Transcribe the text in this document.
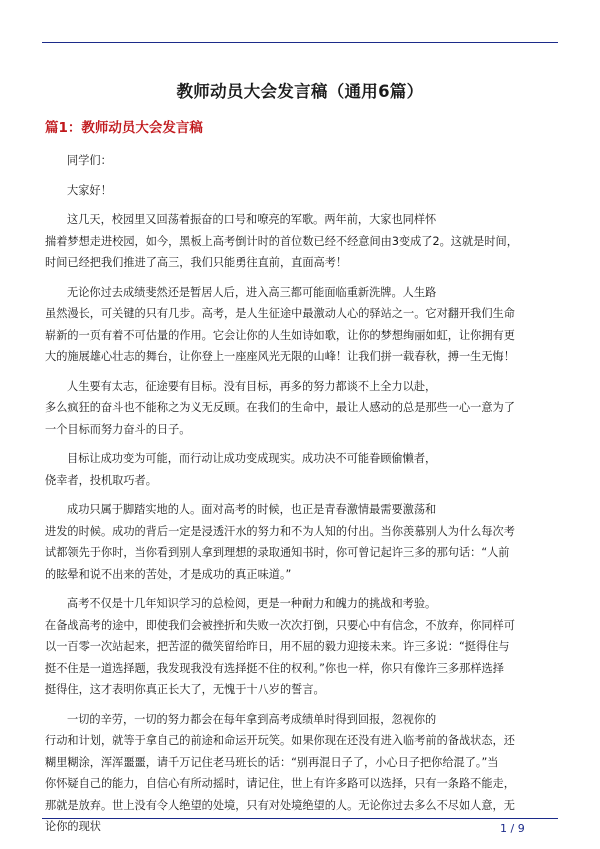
教师动员大会发言稿（通用6篇）
篇1：教师动员大会发言稿
同学们：
大家好！
这几天，校园里又回荡着振奋的口号和嘹亮的军歌。两年前，大家也同样怀
揣着梦想走进校园，如今，黑板上高考倒计时的首位数已经不经意间由3变成了2。这就是时间，
时间已经把我们推进了高三，我们只能勇往直前，直面高考！
无论你过去成绩斐然还是暂居人后，进入高三都可能面临重新洗牌。人生路
虽然漫长，可关键的只有几步。高考，是人生征途中最激动人心的驿站之一。它对翻开我们生命
崭新的一页有着不可估量的作用。它会让你的人生如诗如歌，让你的梦想绚丽如虹，让你拥有更
大的施展雄心壮志的舞台，让你登上一座座风光无限的山峰！让我们拼一载春秋，搏一生无悔！
人生要有太志，征途要有目标。没有目标，再多的努力都谈不上全力以赴，
多么疯狂的奋斗也不能称之为义无反顾。在我们的生命中，最让人感动的总是那些一心一意为了
一个目标而努力奋斗的日子。
目标让成功变为可能，而行动让成功变成现实。成功决不可能眷顾偷懒者，
侥幸者，投机取巧者。
成功只属于脚踏实地的人。面对高考的时候，也正是青春激情最需要激荡和
进发的时候。成功的背后一定是浸透汗水的努力和不为人知的付出。当你羡慕别人为什么每次考
试都领先于你时，当你看到别人拿到理想的录取通知书时，你可曾记起许三多的那句话：“人前
的眩晕和说不出来的苦处，才是成功的真正味道。”
高考不仅是十几年知识学习的总检阅，更是一种耐力和魄力的挑战和考验。
在备战高考的途中，即使我们会被挫折和失败一次次打倒，只要心中有信念，不放弃，你同样可
以一百零一次站起来，把苦涩的微笑留给昨日，用不屈的毅力迎接未来。许三多说：“挺得住与
挺不住是一道选择题，我发现我没有选择挺不住的权利。”你也一样，你只有像许三多那样选择
挺得住，这才表明你真正长大了，无愧于十八岁的誓言。
一切的辛劳，一切的努力都会在每年拿到高考成绩单时得到回报，忽视你的
行动和计划，就等于拿自己的前途和命运开玩笑。如果你现在还没有进入临考前的备战状态，还
糊里糊涂，浑浑噩噩，请千万记住老马班长的话：“别再混日子了，小心日子把你给混了。”当
你怀疑自己的能力，自信心有所动摇时，请记住，世上有许多路可以选择，只有一条路不能走，
那就是放弃。世上没有令人绝望的处境，只有对处境绝望的人。无论你过去多么不尽如人意，无
论你的现状	1 / 9
